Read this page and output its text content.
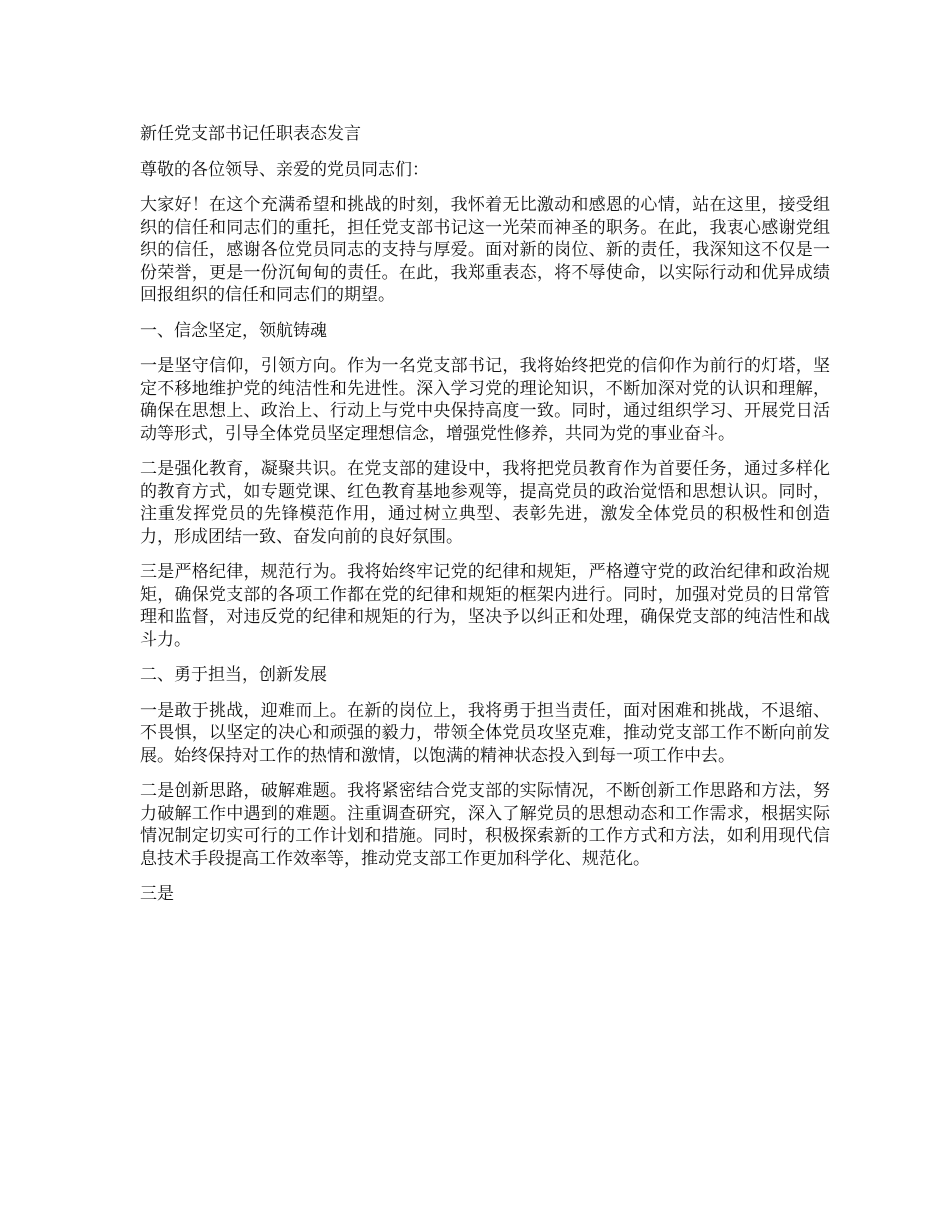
新任党支部书记任职表态发言

尊敬的各位领导、亲爱的党员同志们：

大家好！在这个充满希望和挑战的时刻，我怀着无比激动和感恩的心情，站在这里，接受组织的信任和同志们的重托，担任党支部书记这一光荣而神圣的职务。在此，我衷心感谢党组织的信任，感谢各位党员同志的支持与厚爱。面对新的岗位、新的责任，我深知这不仅是一份荣誉，更是一份沉甸甸的责任。在此，我郑重表态，将不辱使命，以实际行动和优异成绩回报组织的信任和同志们的期望。

一、信念坚定，领航铸魂

一是坚守信仰，引领方向。作为一名党支部书记，我将始终把党的信仰作为前行的灯塔，坚定不移地维护党的纯洁性和先进性。深入学习党的理论知识，不断加深对党的认识和理解，确保在思想上、政治上、行动上与党中央保持高度一致。同时，通过组织学习、开展党日活动等形式，引导全体党员坚定理想信念，增强党性修养，共同为党的事业奋斗。

二是强化教育，凝聚共识。在党支部的建设中，我将把党员教育作为首要任务，通过多样化的教育方式，如专题党课、红色教育基地参观等，提高党员的政治觉悟和思想认识。同时，注重发挥党员的先锋模范作用，通过树立典型、表彰先进，激发全体党员的积极性和创造力，形成团结一致、奋发向前的良好氛围。

三是严格纪律，规范行为。我将始终牢记党的纪律和规矩，严格遵守党的政治纪律和政治规矩，确保党支部的各项工作都在党的纪律和规矩的框架内进行。同时，加强对党员的日常管理和监督，对违反党的纪律和规矩的行为，坚决予以纠正和处理，确保党支部的纯洁性和战斗力。

二、勇于担当，创新发展

一是敢于挑战，迎难而上。在新的岗位上，我将勇于担当责任，面对困难和挑战，不退缩、不畏惧，以坚定的决心和顽强的毅力，带领全体党员攻坚克难，推动党支部工作不断向前发展。始终保持对工作的热情和激情，以饱满的精神状态投入到每一项工作中去。

二是创新思路，破解难题。我将紧密结合党支部的实际情况，不断创新工作思路和方法，努力破解工作中遇到的难题。注重调查研究，深入了解党员的思想动态和工作需求，根据实际情况制定切实可行的工作计划和措施。同时，积极探索新的工作方式和方法，如利用现代信息技术手段提高工作效率等，推动党支部工作更加科学化、规范化。

三是
